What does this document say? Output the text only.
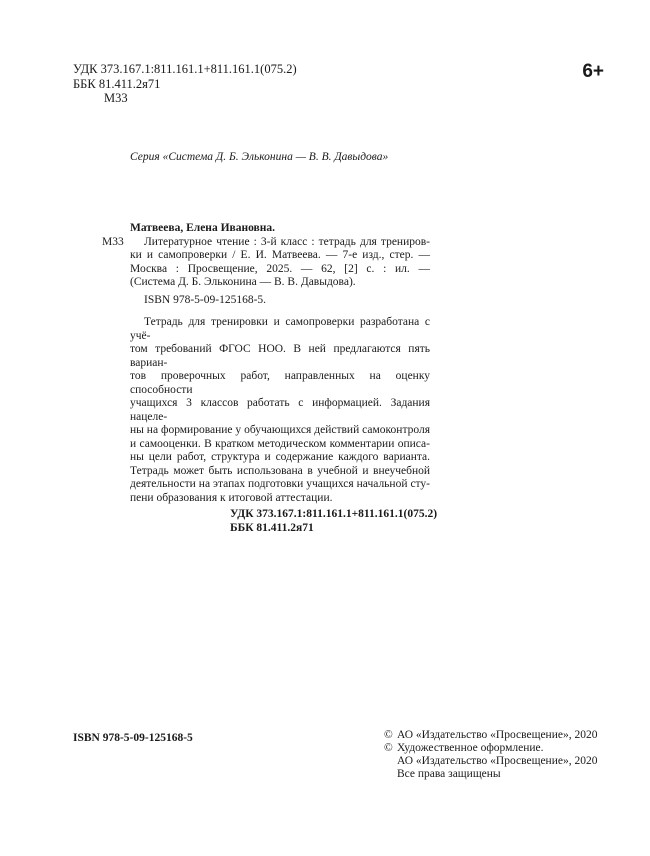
УДК 373.167.1:811.161.1+811.161.1(075.2)
ББК 81.411.2я71
М33
6+
Серия «Система Д. Б. Эльконина — В. В. Давыдова»
Матвеева, Елена Ивановна.
М33	Литературное чтение : 3-й класс : тетрадь для трениров-
ки и самопроверки / Е. И. Матвеева. — 7-е изд., стер. —
Москва : Просвещение, 2025. — 62, [2] с. : ил. —
(Система Д. Б. Эльконина — В. В. Давыдова).
ISBN 978-5-09-125168-5.
Тетрадь для тренировки и самопроверки разработана с учё-
том требований ФГОС НОО. В ней предлагаются пять вариан-
тов проверочных работ, направленных на оценку способности
учащихся 3 классов работать с информацией. Задания нацеле-
ны на формирование у обучающихся действий самоконтроля
и самооценки. В кратком методическом комментарии описа-
ны цели работ, структура и содержание каждого варианта.
Тетрадь может быть использована в учебной и внеучебной
деятельности на этапах подготовки учащихся начальной сту-
пени образования к итоговой аттестации.
УДК 373.167.1:811.161.1+811.161.1(075.2)
ББК 81.411.2я71
ISBN 978-5-09-125168-5	© АО «Издательство «Просвещение», 2020
© Художественное оформление.
АО «Издательство «Просвещение», 2020
Все права защищены
